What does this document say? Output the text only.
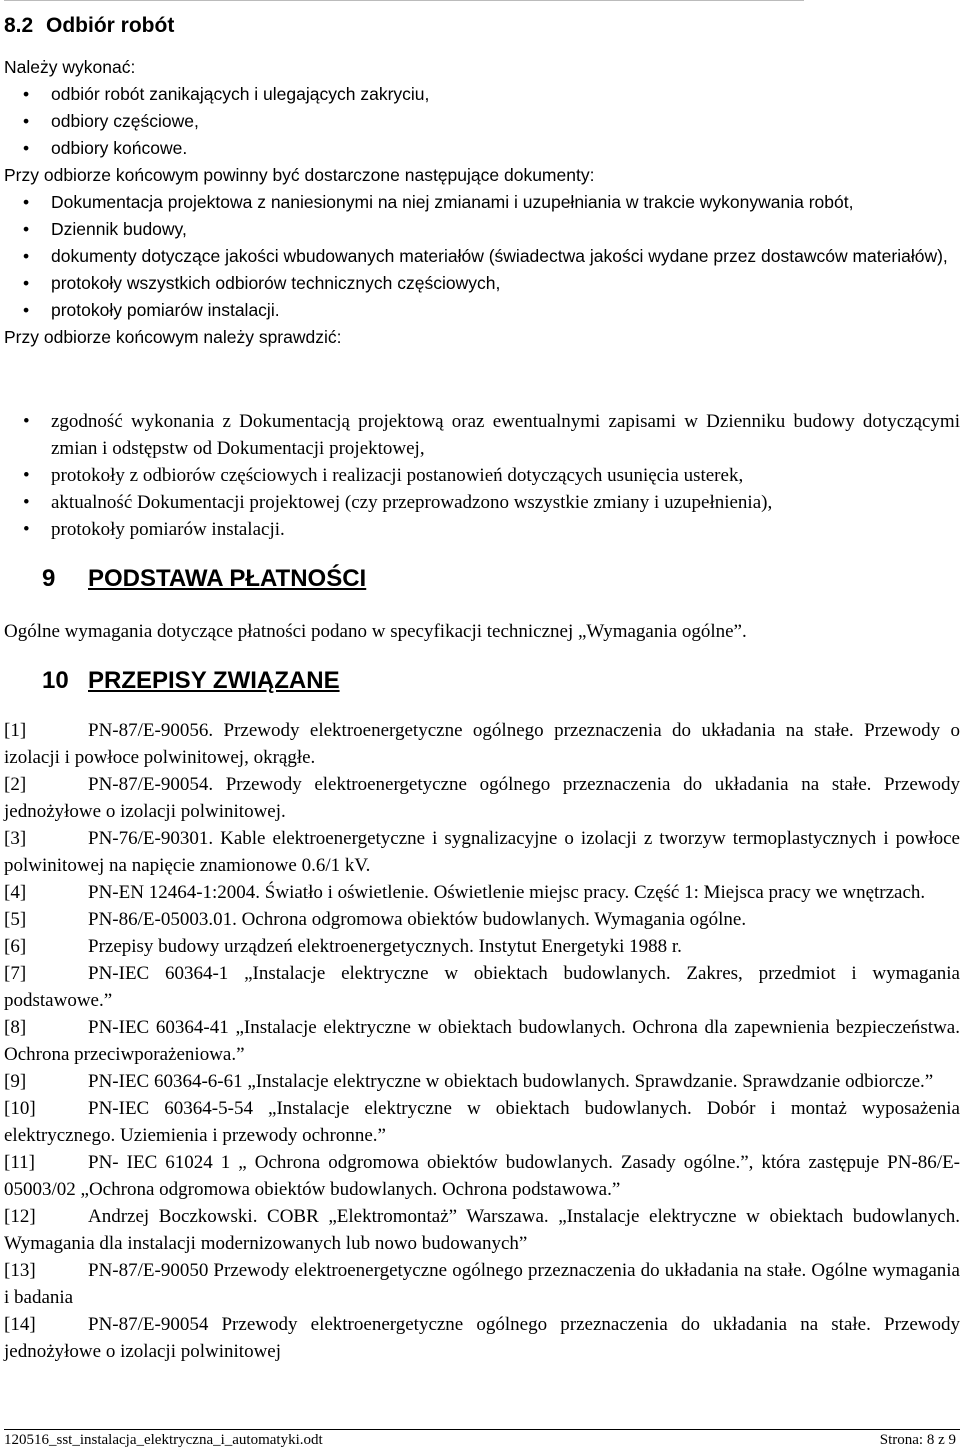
8.2 Odbiór robót
Należy wykonać:
• odbiór robót zanikających i ulegających zakryciu,
• odbiory częściowe,
• odbiory końcowe.
Przy odbiorze końcowym powinny być dostarczone następujące dokumenty:
• Dokumentacja projektowa z naniesionymi na niej zmianami i uzupełniania w trakcie wykonywania robót,
• Dziennik budowy,
• dokumenty dotyczące jakości wbudowanych materiałów (świadectwa jakości wydane przez dostawców materiałów),
• protokoły wszystkich odbiorów technicznych częściowych,
• protokoły pomiarów instalacji.
Przy odbiorze końcowym należy sprawdzić:
• zgodność wykonania z Dokumentacją projektową oraz ewentualnymi zapisami w Dzienniku budowy dotyczącymi zmian i odstępstw od Dokumentacji projektowej,
• protokoły z odbiorów częściowych i realizacji postanowień dotyczących usunięcia usterek,
• aktualność Dokumentacji projektowej (czy przeprowadzono wszystkie zmiany i uzupełnienia),
• protokoły pomiarów instalacji.
9 PODSTAWA PŁATNOŚCI
Ogólne wymagania dotyczące płatności podano w specyfikacji technicznej „Wymagania ogólne”.
10 PRZEPISY ZWIĄZANE
[1]	PN-87/E-90056. Przewody elektroenergetyczne ogólnego przeznaczenia do układania na stałe. Przewody o izolacji i powłoce polwinitowej, okrągłe.
[2]	PN-87/E-90054. Przewody elektroenergetyczne ogólnego przeznaczenia do układania na stałe. Przewody jednożyłowe o izolacji polwinitowej.
[3]	PN-76/E-90301. Kable elektroenergetyczne i sygnalizacyjne o izolacji z tworzyw termoplastycznych i powłoce polwinitowej na napięcie znamionowe 0.6/1 kV.
[4]	PN-EN 12464-1:2004. Światło i oświetlenie. Oświetlenie miejsc pracy. Część 1: Miejsca pracy we wnętrzach.
[5]	PN-86/E-05003.01. Ochrona odgromowa obiektów budowlanych. Wymagania ogólne.
[6]	Przepisy budowy urządzeń elektroenergetycznych. Instytut Energetyki 1988 r.
[7]	PN-IEC 60364-1 „Instalacje elektryczne w obiektach budowlanych. Zakres, przedmiot i wymagania podstawowe.”
[8]	PN-IEC 60364-41 „Instalacje elektryczne w obiektach budowlanych. Ochrona dla zapewnienia bezpieczeństwa. Ochrona przeciwporażeniowa.”
[9]	PN-IEC 60364-6-61 „Instalacje elektryczne w obiektach budowlanych. Sprawdzanie. Sprawdzanie odbiorcze.”
[10]	PN-IEC 60364-5-54 „Instalacje elektryczne w obiektach budowlanych. Dobór i montaż wyposażenia elektrycznego. Uziemienia i przewody ochronne.”
[11]	PN- IEC 61024 1 „ Ochrona odgromowa obiektów budowlanych. Zasady ogólne.”, która zastępuje PN-86/E-05003/02 „Ochrona odgromowa obiektów budowlanych. Ochrona podstawowa.”
[12]	Andrzej Boczkowski. COBR „Elektromontaż” Warszawa. „Instalacje elektryczne w obiektach budowlanych. Wymagania dla instalacji modernizowanych lub nowo budowanych”
[13]	PN-87/E-90050 Przewody elektroenergetyczne ogólnego przeznaczenia do układania na stałe. Ogólne wymagania i badania
[14]	PN-87/E-90054 Przewody elektroenergetyczne ogólnego przeznaczenia do układania na stałe. Przewody jednożyłowe o izolacji polwinitowej
120516_sst_instalacja_elektryczna_i_automatyki.odt	Strona: 8 z 9
